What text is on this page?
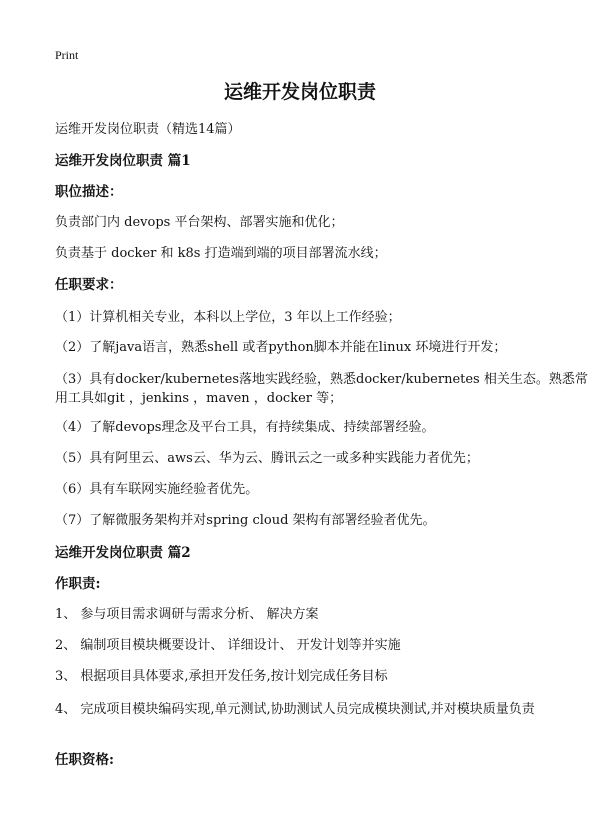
Print
运维开发岗位职责
运维开发岗位职责（精选14篇）
运维开发岗位职责 篇1
职位描述：
负责部门内 devops 平台架构、部署实施和优化；
负责基于 docker 和 k8s 打造端到端的项目部署流水线；
任职要求：
（1）计算机相关专业，本科以上学位，3 年以上工作经验；
（2）了解java语言，熟悉shell 或者python脚本并能在linux 环境进行开发；
（3）具有docker/kubernetes落地实践经验，熟悉docker/kubernetes 相关生态。熟悉常用工具如git ，jenkins ，maven ，docker 等；
（4）了解devops理念及平台工具，有持续集成、持续部署经验。
（5）具有阿里云、aws云、华为云、腾讯云之一或多种实践能力者优先；
（6）具有车联网实施经验者优先。
（7）了解微服务架构并对spring cloud 架构有部署经验者优先。
运维开发岗位职责 篇2
作职责:
1、 参与项目需求调研与需求分析、 解决方案
2、 编制项目模块概要设计、 详细设计、 开发计划等并实施
3、 根据项目具体要求,承担开发任务,按计划完成任务目标
4、 完成项目模块编码实现,单元测试,协助测试人员完成模块测试,并对模块质量负责
任职资格:
